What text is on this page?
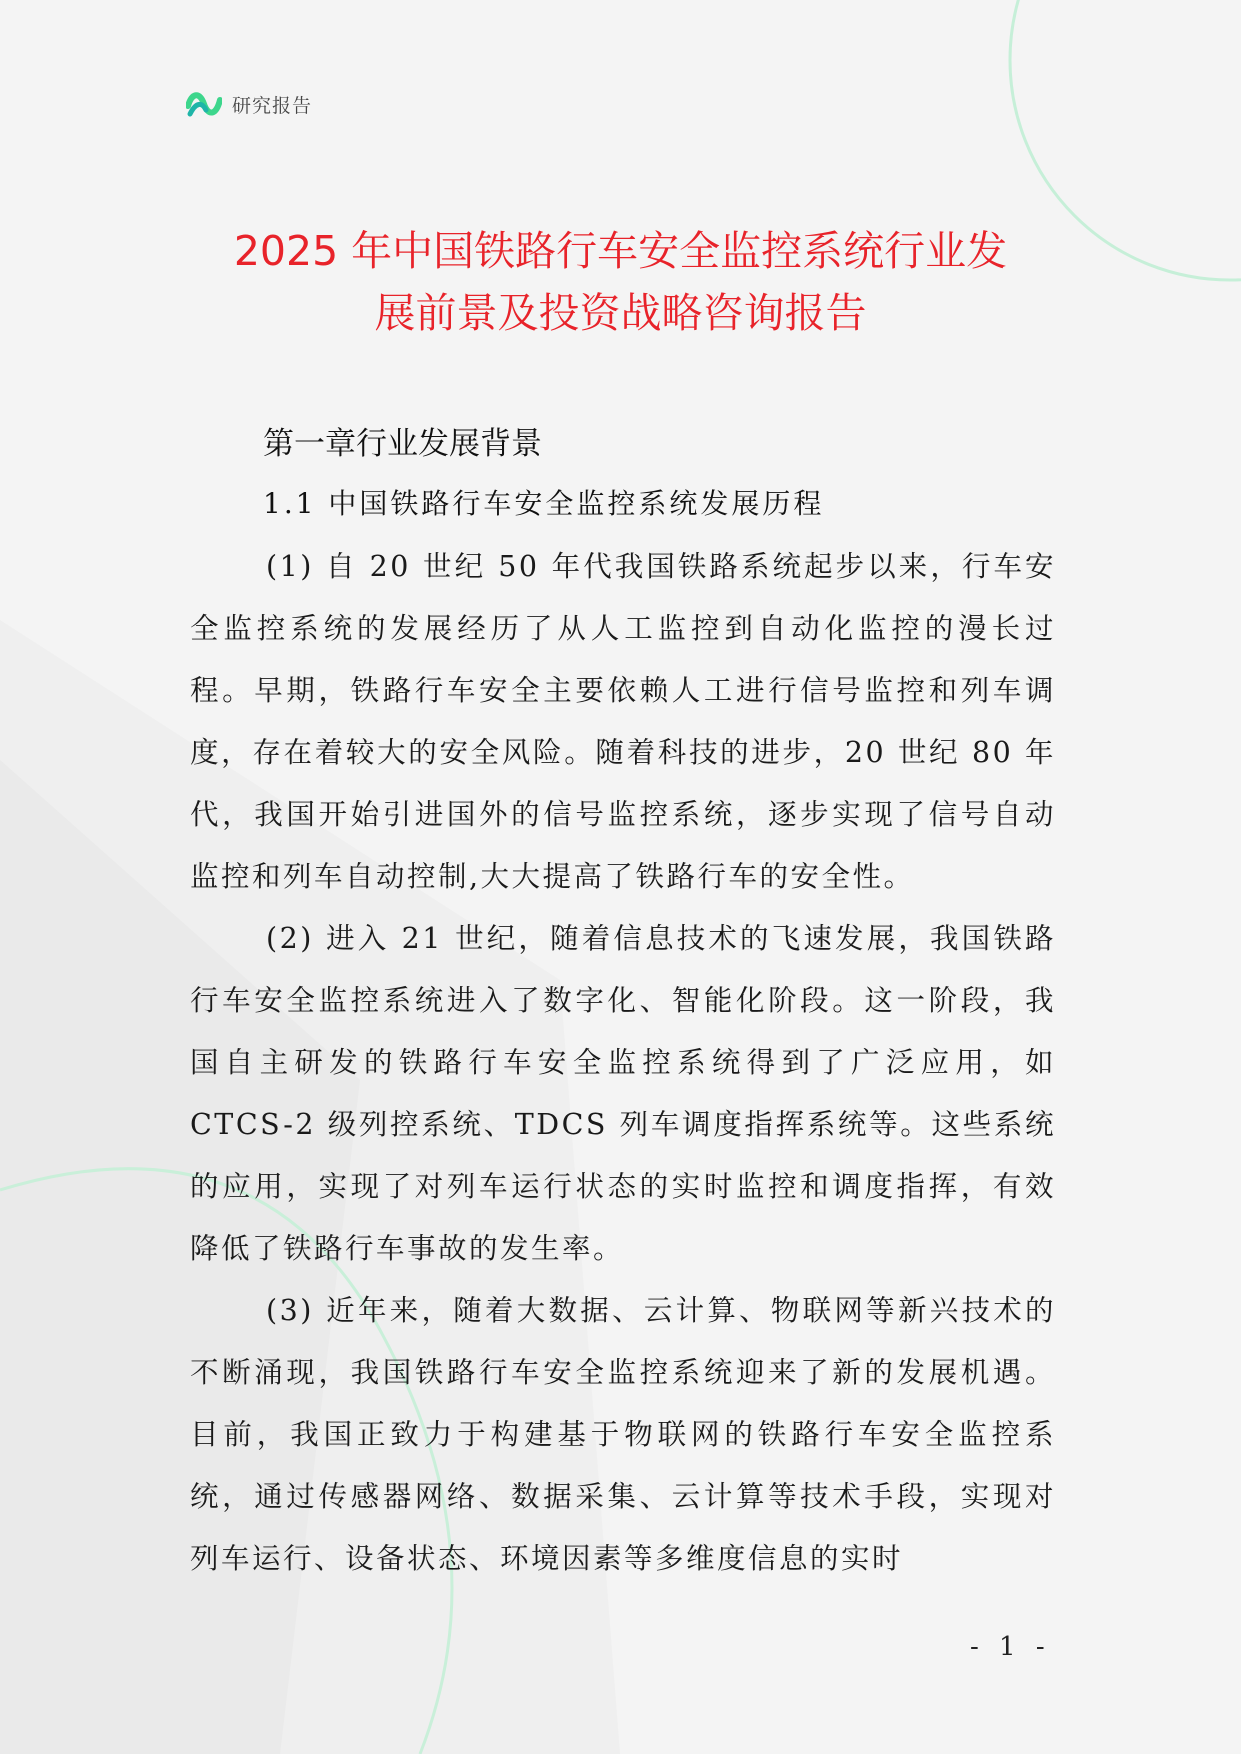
研究报告
2025 年中国铁路行车安全监控系统行业发
展前景及投资战略咨询报告
第一章行业发展背景
1.1 中国铁路行车安全监控系统发展历程

(1) 自 20 世纪 50 年代我国铁路系统起步以来，行车安全监控系统的发展经历了从人工监控到自动化监控的漫长过程。早期，铁路行车安全主要依赖人工进行信号监控和列车调度，存在着较大的安全风险。随着科技的进步，20 世纪 80 年代，我国开始引进国外的信号监控系统，逐步实现了信号自动监控和列车自动控制,大大提高了铁路行车的安全性。

(2) 进入 21 世纪，随着信息技术的飞速发展，我国铁路行车安全监控系统进入了数字化、智能化阶段。这一阶段，我国自主研发的铁路行车安全监控系统得到了广泛应用，如 CTCS-2 级列控系统、TDCS 列车调度指挥系统等。这些系统的应用，实现了对列车运行状态的实时监控和调度指挥，有效降低了铁路行车事故的发生率。

(3) 近年来，随着大数据、云计算、物联网等新兴技术的不断涌现，我国铁路行车安全监控系统迎来了新的发展机遇。目前，我国正致力于构建基于物联网的铁路行车安全监控系统，通过传感器网络、数据采集、云计算等技术手段，实现对列车运行、设备状态、环境因素等多维度信息的实时

- 1 -
